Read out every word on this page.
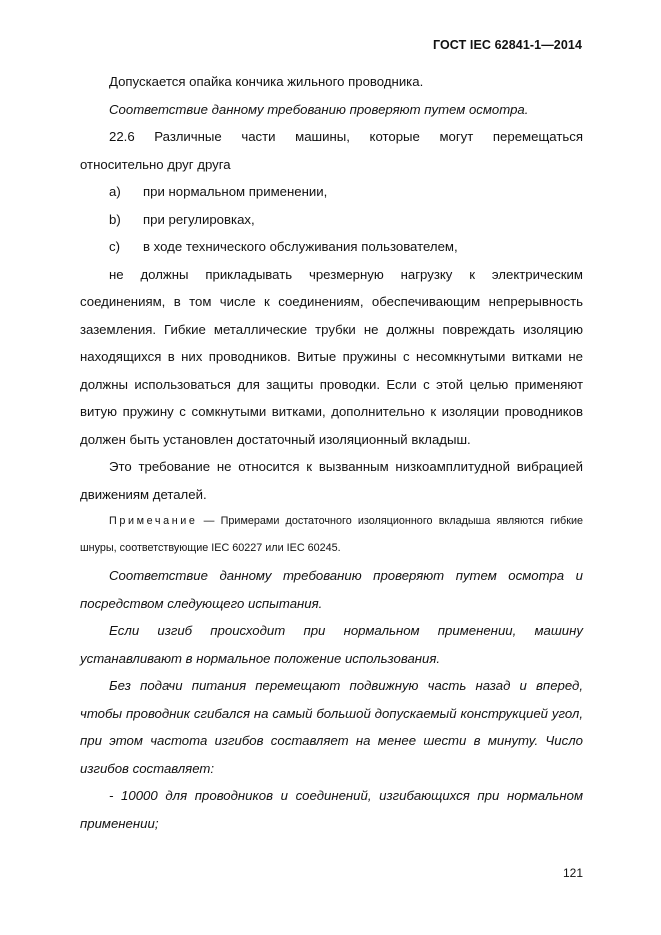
ГОСТ IEC 62841-1—2014

Допускается опайка кончика жильного проводника.

Соответствие данному требованию проверяют путем осмотра.

22.6   Различные   части   машины,   которые   могут   перемещаться

относительно друг друга

a)	при нормальном применении,
b)	при регулировках,
c)	в ходе технического обслуживания пользователем,

не должны прикладывать чрезмерную нагрузку к электрическим соединениям, в том числе к соединениям, обеспечивающим непрерывность заземления. Гибкие металлические трубки не должны повреждать изоляцию находящихся в них проводников. Витые пружины с несомкнутыми витками не должны использоваться для защиты проводки. Если с этой целью применяют витую пружину с сомкнутыми витками, дополнительно к изоляции проводников должен быть установлен достаточный изоляционный вкладыш.

Это требование не относится к вызванным низкоамплитудной вибрацией движениям деталей.

Примечание — Примерами достаточного изоляционного вкладыша являются гибкие шнуры, соответствующие IEC 60227 или IEC 60245.

Соответствие данному требованию проверяют путем осмотра и посредством следующего испытания.

Если изгиб происходит при нормальном применении, машину устанавливают в нормальное положение использования.

Без подачи питания перемещают подвижную часть назад и вперед, чтобы проводник сгибался на самый большой допускаемый конструкцией угол, при этом частота изгибов составляет на менее шести в минуту. Число изгибов составляет:

- 10000 для проводников и соединений, изгибающихся при нормальном применении;

121
